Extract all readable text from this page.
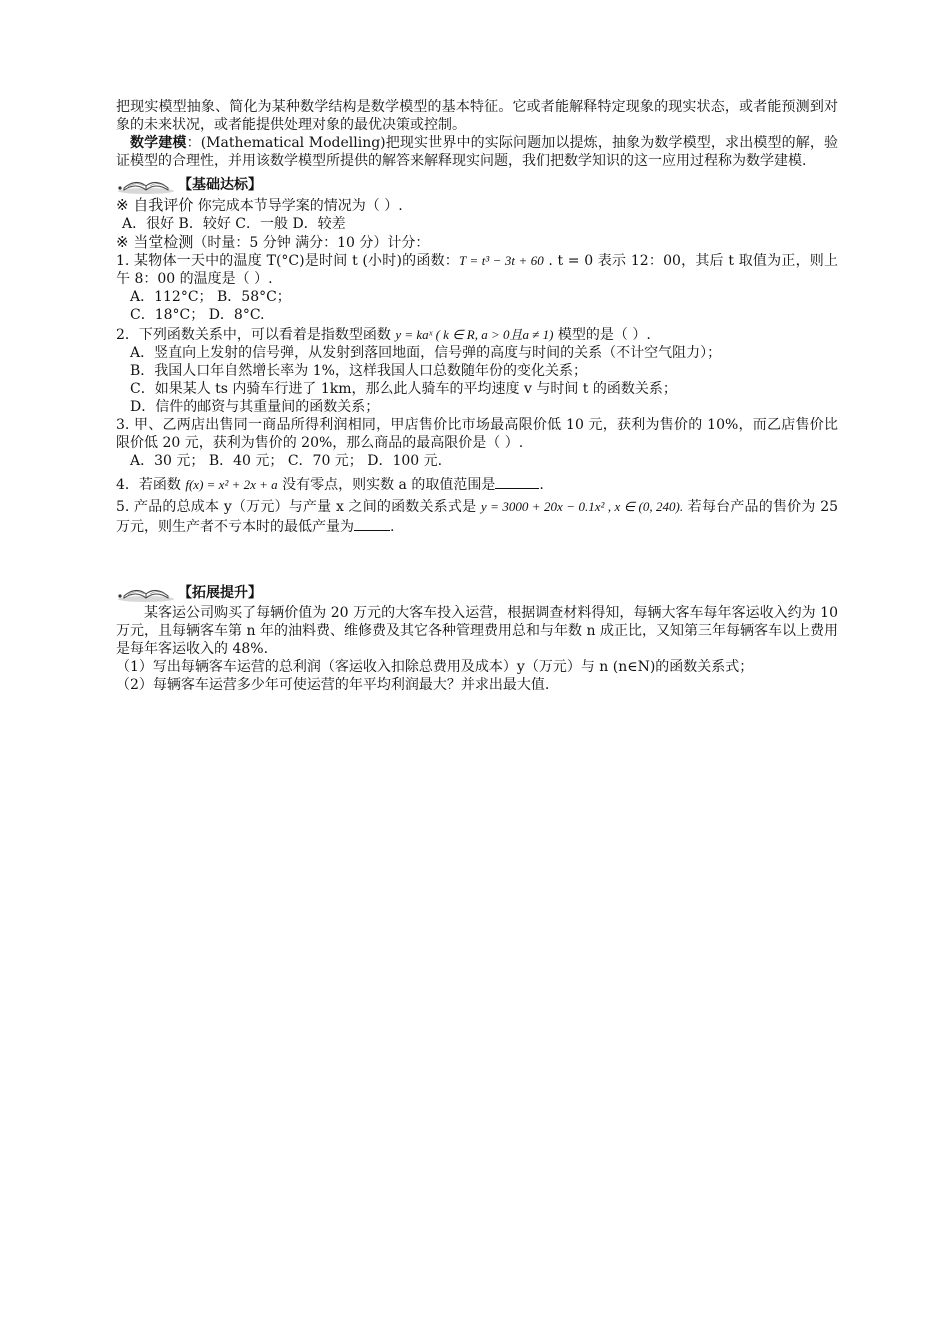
把现实模型抽象、简化为某种数学结构是数学模型的基本特征。它或者能解释特定现象的现实状态，或者能预测到对象的未来状况，或者能提供处理对象的最优决策或控制。

数学建模：(Mathematical Modelling)把现实世界中的实际问题加以提炼，抽象为数学模型，求出模型的解，验证模型的合理性，并用该数学模型所提供的解答来解释现实问题，我们把数学知识的这一应用过程称为数学建模.

【基础达标】

※ 自我评价 你完成本节导学案的情况为（ ）.

A．很好 B．较好 C．一般 D．较差

※ 当堂检测（时量：5 分钟 满分：10 分）计分：

1. 某物体一天中的温度 T(°C)是时间 t (小时)的函数：T = t³ − 3t + 60 . t = 0 表示 12：00，其后 t 取值为正，则上午 8：00 的温度是（ ）.

A．112°C； B．58°C；

C．18°C； D．8°C.

2．下列函数关系中，可以看着是指数型函数 y = kaˣ ( k ∈ R, a > 0且a ≠ 1) 模型的是（ ）.

A．竖直向上发射的信号弹，从发射到落回地面，信号弹的高度与时间的关系（不计空气阻力）；

B．我国人口年自然增长率为 1%，这样我国人口总数随年份的变化关系；

C．如果某人 ts 内骑车行进了 1km，那么此人骑车的平均速度 v 与时间 t 的函数关系；

D．信件的邮资与其重量间的函数关系；

3. 甲、乙两店出售同一商品所得利润相同，甲店售价比市场最高限价低 10 元，获利为售价的 10%，而乙店售价比限价低 20 元，获利为售价的 20%，那么商品的最高限价是（ ）.

A．30 元； B．40 元； C．70 元； D．100 元.

4．若函数 f(x) = x² + 2x + a 没有零点，则实数 a 的取值范围是	.

5. 产品的总成本 y（万元）与产量 x 之间的函数关系式是 y = 3000 + 20x − 0.1x² , x ∈ (0, 240). 若每台产品的售价为 25 万元，则生产者不亏本时的最低产量为	.

【拓展提升】

某客运公司购买了每辆价值为 20 万元的大客车投入运营，根据调查材料得知，每辆大客车每年客运收入约为 10 万元，且每辆客车第 n 年的油料费、维修费及其它各种管理费用总和与年数 n 成正比，又知第三年每辆客车以上费用是每年客运收入的 48%.

（1）写出每辆客车运营的总利润（客运收入扣除总费用及成本）y（万元）与 n (n∈N)的函数关系式；

（2）每辆客车运营多少年可使运营的年平均利润最大？并求出最大值.
